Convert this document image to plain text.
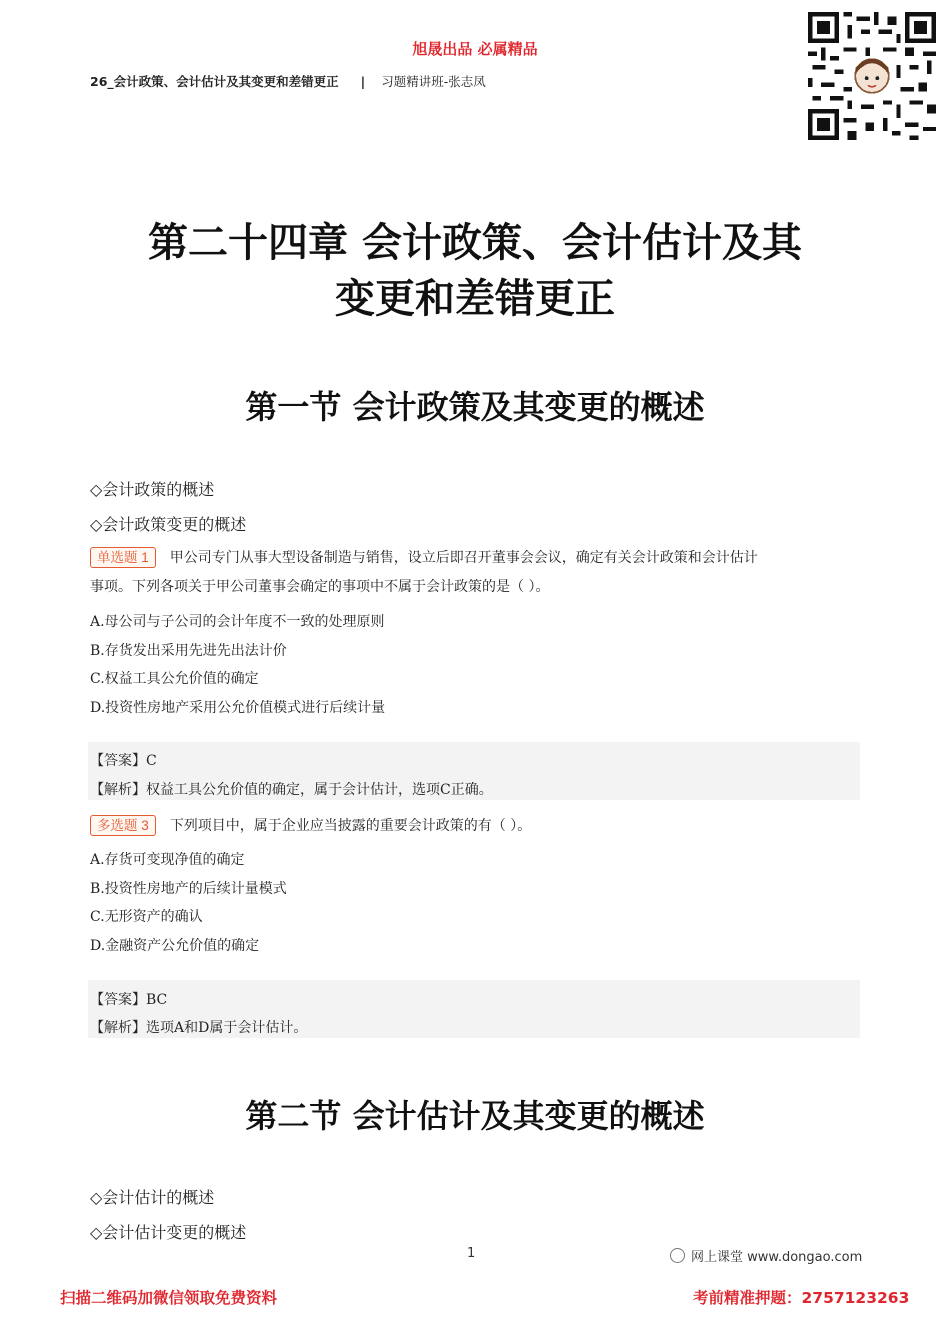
旭晟出品 必属精品
26_会计政策、会计估计及其变更和差错更正 | 习题精讲班-张志凤
第二十四章 会计政策、会计估计及其
变更和差错更正
第一节 会计政策及其变更的概述
◇会计政策的概述
◇会计政策变更的概述
单选题 1 甲公司专门从事大型设备制造与销售，设立后即召开董事会会议，确定有关会计政策和会计估计
事项。下列各项关于甲公司董事会确定的事项中不属于会计政策的是（ ）。
A.母公司与子公司的会计年度不一致的处理原则
B.存货发出采用先进先出法计价
C.权益工具公允价值的确定
D.投资性房地产采用公允价值模式进行后续计量
【答案】C
【解析】权益工具公允价值的确定，属于会计估计，选项C正确。
多选题 3 下列项目中，属于企业应当披露的重要会计政策的有（ ）。
A.存货可变现净值的确定
B.投资性房地产的后续计量模式
C.无形资产的确认
D.金融资产公允价值的确定
【答案】BC
【解析】选项A和D属于会计估计。
第二节 会计估计及其变更的概述
◇会计估计的概述
◇会计估计变更的概述
1	网上课堂 www.dongao.com
扫描二维码加微信领取免费资料	考前精准押题：2757123263
